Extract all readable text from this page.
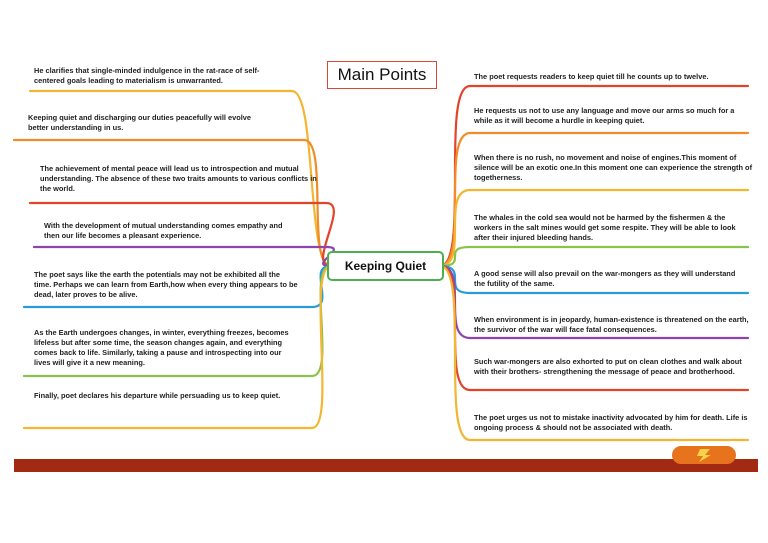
Main Points
Keeping Quiet
He clarifies that single-minded indulgence in the rat-race of self-centered goals leading to materialism is unwarranted.
Keeping quiet and discharging our duties peacefully will evolve better understanding in us.
The achievement of mental peace will lead us to introspection and mutual understanding. The absence of these two traits amounts to various conflicts in the world.
With the development of mutual understanding comes empathy and then our life becomes a pleasant experience.
The poet says like the earth the potentials may not be exhibited all the time. Perhaps we can learn from Earth,how when every thing appears to be dead, later proves to be alive.
As the Earth undergoes changes, in winter, everything freezes, becomes lifeless but after some time, the season changes again, and everything comes back to life. Similarly, taking a pause and introspecting into our lives will give it a new meaning.
Finally, poet declares his departure while persuading us to keep quiet.
The poet requests readers to keep quiet till he counts up to twelve.
He requests us not to use any language and move our arms so much for a while as it will become a hurdle in keeping quiet.
When there is no rush, no movement and noise of engines.This moment of silence will be an exotic one.In this moment one can experience the strength of togetherness.
The whales in the cold sea would not be harmed by the fishermen & the workers in the salt mines would get some respite. They will be able to look after their injured bleeding hands.
A good sense will also prevail on the war-mongers as they will understand the futility of the same.
When environment is in jeopardy, human-existence is threatened on the earth, the survivor of the war will face fatal consequences.
Such war-mongers are also exhorted to put on clean clothes and walk about with their brothers- strengthening the message of peace and brotherhood.
The poet urges us not to mistake inactivity advocated by him for death. Life is ongoing process & should not be associated with death.
